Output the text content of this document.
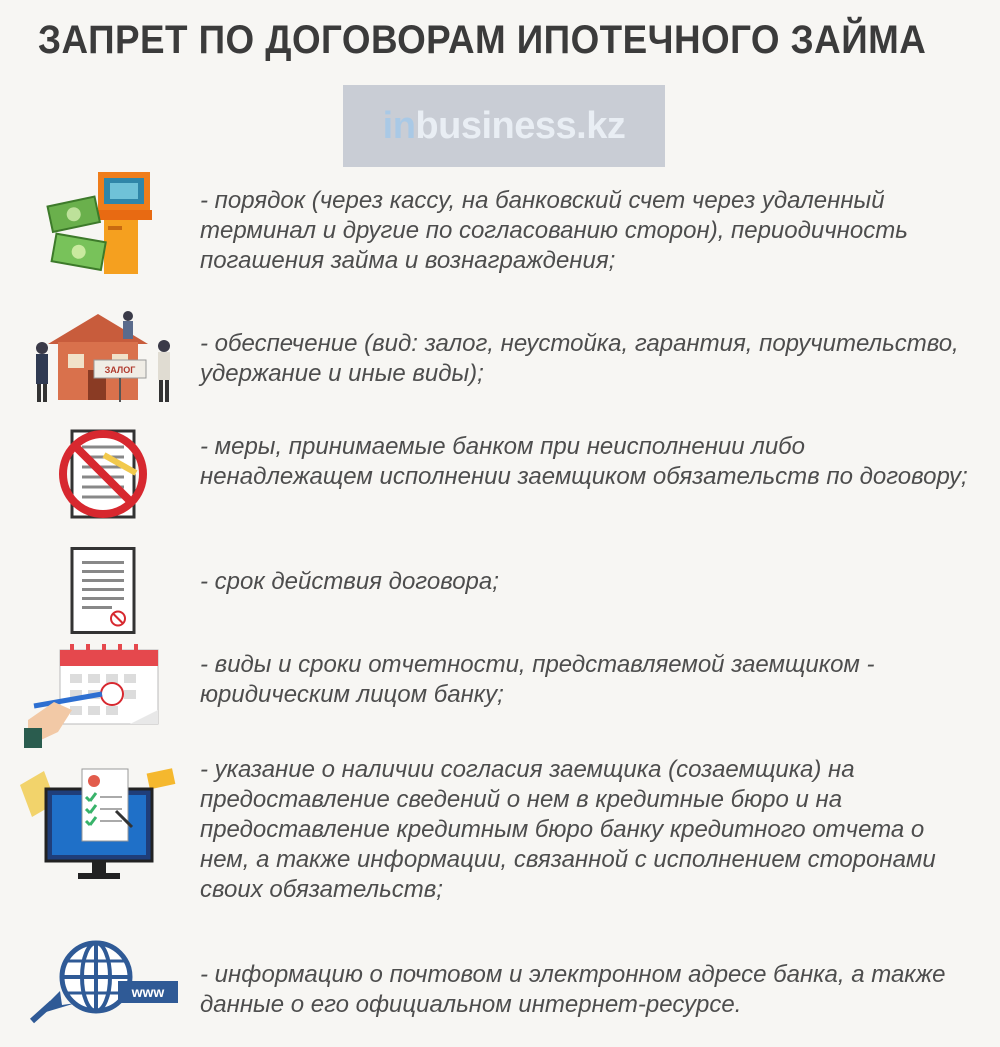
ЗАПРЕТ ПО ДОГОВОРАМ ИПОТЕЧНОГО ЗАЙМА
inbusiness.kz
- порядок (через кассу, на банковский счет через удаленный терминал и другие по согласованию сторон), периодичность погашения займа и вознаграждения;
ЗАЛОГ
- обеспечение (вид: залог, неустойка, гарантия, поручительство, удержание и иные виды);
- меры, принимаемые банком при неисполнении либо ненадлежащем исполнении заемщиком обязательств по договору;
- срок действия договора;
- виды и сроки отчетности, представляемой заемщиком - юридическим лицом банку;
- указание о наличии согласия заемщика (созаемщика) на предоставление сведений о нем в кредитные бюро и на предоставление кредитным бюро банку кредитного отчета о нем, а также информации, связанной с исполнением сторонами своих обязательств;
www
- информацию о почтовом и электронном адресе банка, а также данные о его официальном интернет-ресурсе.
